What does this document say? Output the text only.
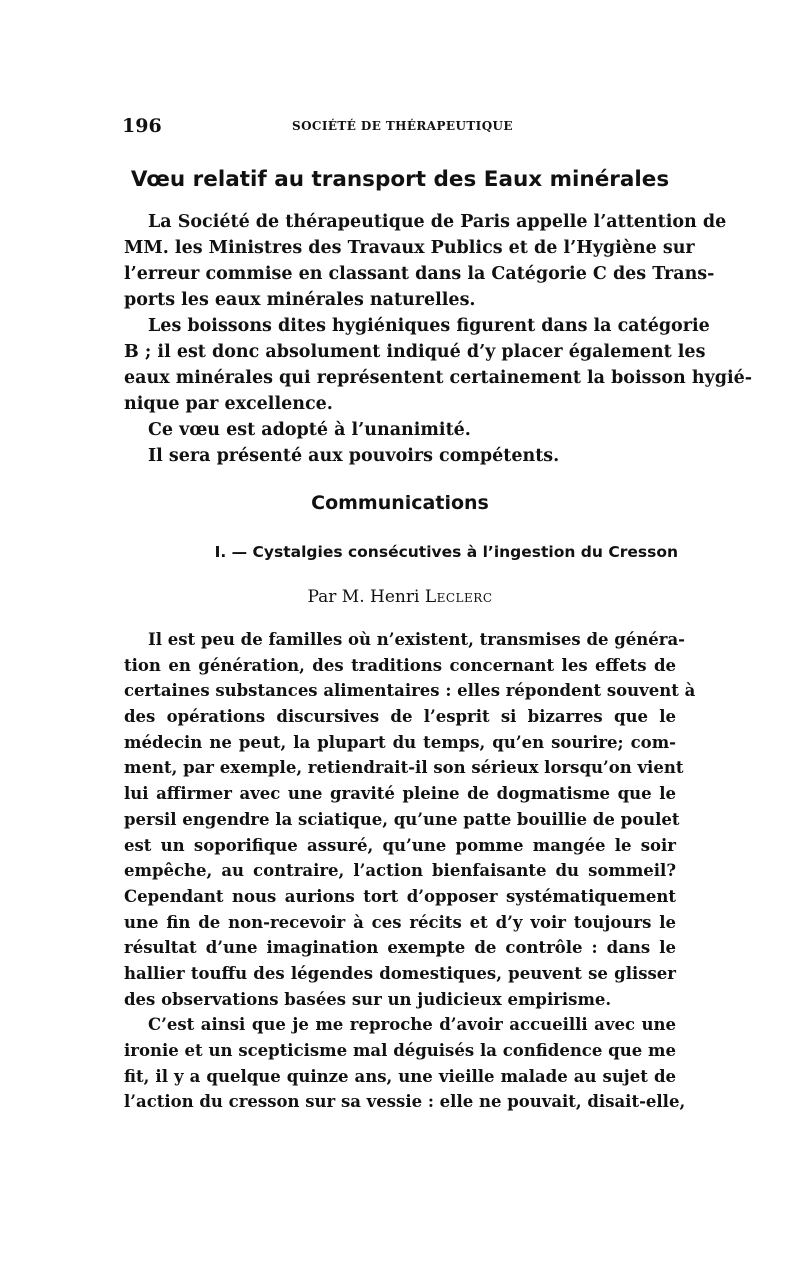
196	SOCIÉTÉ DE THÉRAPEUTIQUE
Vœu relatif au transport des Eaux minérales
La Société de thérapeutique de Paris appelle l’attention de
MM. les Ministres des Travaux Publics et de l’Hygiène sur
l’erreur commise en classant dans la Catégorie C des Trans-
ports les eaux minérales naturelles.
Les boissons dites hygiéniques figurent dans la catégorie
B ; il est donc absolument indiqué d’y placer également les
eaux minérales qui représentent certainement la boisson hygié-
nique par excellence.
Ce vœu est adopté à l’unanimité.
Il sera présenté aux pouvoirs compétents.
Communications
I. — Cystalgies consécutives à l’ingestion du Cresson
Par M. Henri Leclerc
Il est peu de familles où n’existent, transmises de généra-
tion en génération, des traditions concernant les effets de
certaines substances alimentaires : elles répondent souvent à
des opérations discursives de l’esprit si bizarres que le
médecin ne peut, la plupart du temps, qu’en sourire; com-
ment, par exemple, retiendrait-il son sérieux lorsqu’on vient
lui affirmer avec une gravité pleine de dogmatisme que le
persil engendre la sciatique, qu’une patte bouillie de poulet
est un soporifique assuré, qu’une pomme mangée le soir
empêche, au contraire, l’action bienfaisante du sommeil?
Cependant nous aurions tort d’opposer systématiquement
une fin de non-recevoir à ces récits et d’y voir toujours le
résultat d’une imagination exempte de contrôle : dans le
hallier touffu des légendes domestiques, peuvent se glisser
des observations basées sur un judicieux empirisme.
C’est ainsi que je me reproche d’avoir accueilli avec une
ironie et un scepticisme mal déguisés la confidence que me
fit, il y a quelque quinze ans, une vieille malade au sujet de
l’action du cresson sur sa vessie : elle ne pouvait, disait-elle,
